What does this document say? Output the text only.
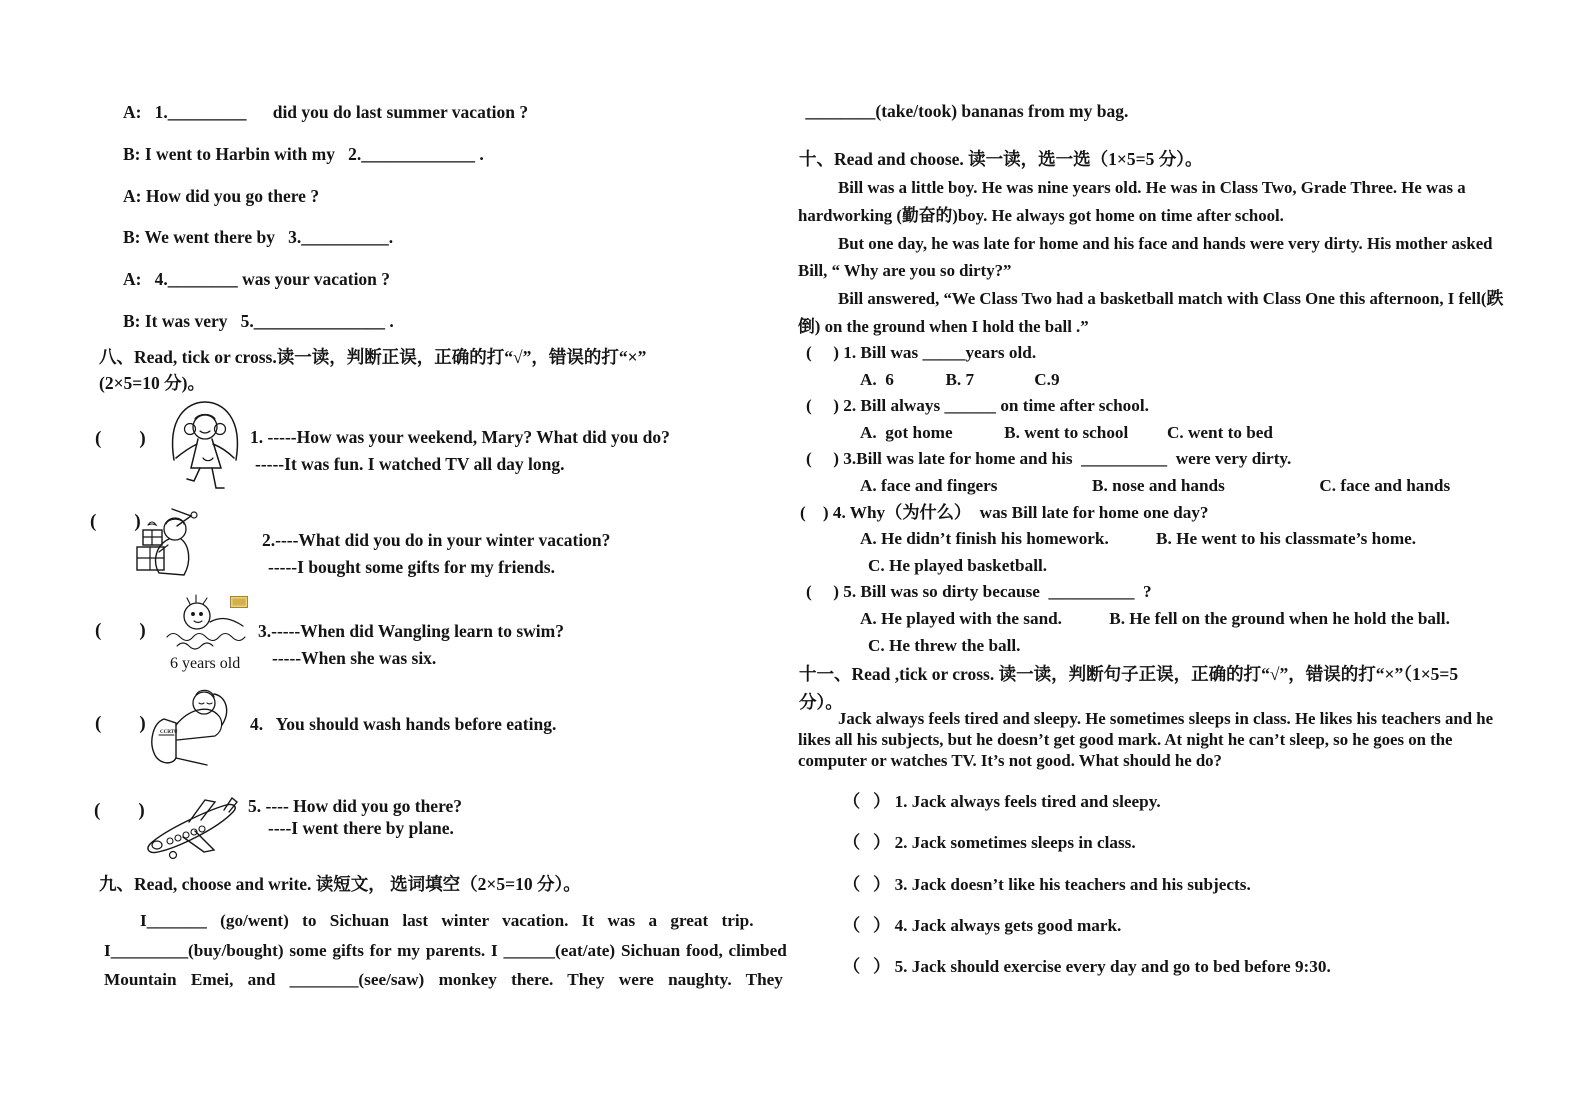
A:   1._________      did you do last summer vacation ?
B: I went to Harbin with my   2._____________ .
A: How did you go there ?
B: We went there by   3.__________.
A:   4.________ was your vacation ?
B: It was very   5._______________ .
八、Read, tick or cross.读一读，判断正误，正确的打“√”，错误的打“×”
(2×5=10 分)。
(        )	1. -----How was your weekend, Mary? What did you do?
-----It was fun. I watched TV all day long.
(        )
2.----What did you do in your winter vacation?
-----I bought some gifts for my friends.
(        )
6 years old
3.-----When did Wangling learn to swim?
-----When she was six.
(        )	CCRTU	4.   You should wash hands before eating.
(        )	5. ---- How did you go there?
----I went there by plane.
九、Read, choose and write. 读短文， 选词填空（2×5=10 分）。
I_______ (go/went) to Sichuan last winter vacation. It was a great trip.
I_________(buy/bought) some gifts for my parents. I ______(eat/ate) Sichuan food, climbed
Mountain Emei, and ________(see/saw) monkey there. They were naughty. They
________(take/took) bananas from my bag.
十、Read and choose. 读一读，选一选（1×5=5 分）。
Bill was a little boy. He was nine years old. He was in Class Two, Grade Three. He was a
hardworking (勤奋的)boy. He always got home on time after school.
But one day, he was late for home and his face and hands were very dirty. His mother asked
Bill, “ Why are you so dirty?”
Bill answered, “We Class Two had a basketball match with Class One this afternoon, I fell(跌
倒) on the ground when I hold the ball .”
(     ) 1. Bill was _____years old.
A.  6            B. 7              C.9
(     ) 2. Bill always ______ on time after school.
A.  got home            B. went to school         C. went to bed
(     ) 3.Bill was late for home and his  __________  were very dirty.
A. face and fingers                      B. nose and hands                      C. face and hands
(    ) 4. Why（为什么）  was Bill late for home one day?
A. He didn’t finish his homework.           B. He went to his classmate’s home.
C. He played basketball.
(     ) 5. Bill was so dirty because  __________  ?
A. He played with the sand.           B. He fell on the ground when he hold the ball.
C. He threw the ball.
十一、Read ,tick or cross. 读一读，判断句子正误，正确的打“√”，错误的打“×”（1×5=5
分）。
Jack always feels tired and sleepy. He sometimes sleeps in class. He likes his teachers and he
likes all his subjects, but he doesn’t get good mark. At night he can’t sleep, so he goes on the
computer or watches TV. It’s not good. What should he do?
（   ） 1. Jack always feels tired and sleepy.
（   ） 2. Jack sometimes sleeps in class.
（   ） 3. Jack doesn’t like his teachers and his subjects.
（   ） 4. Jack always gets good mark.
（   ） 5. Jack should exercise every day and go to bed before 9:30.
